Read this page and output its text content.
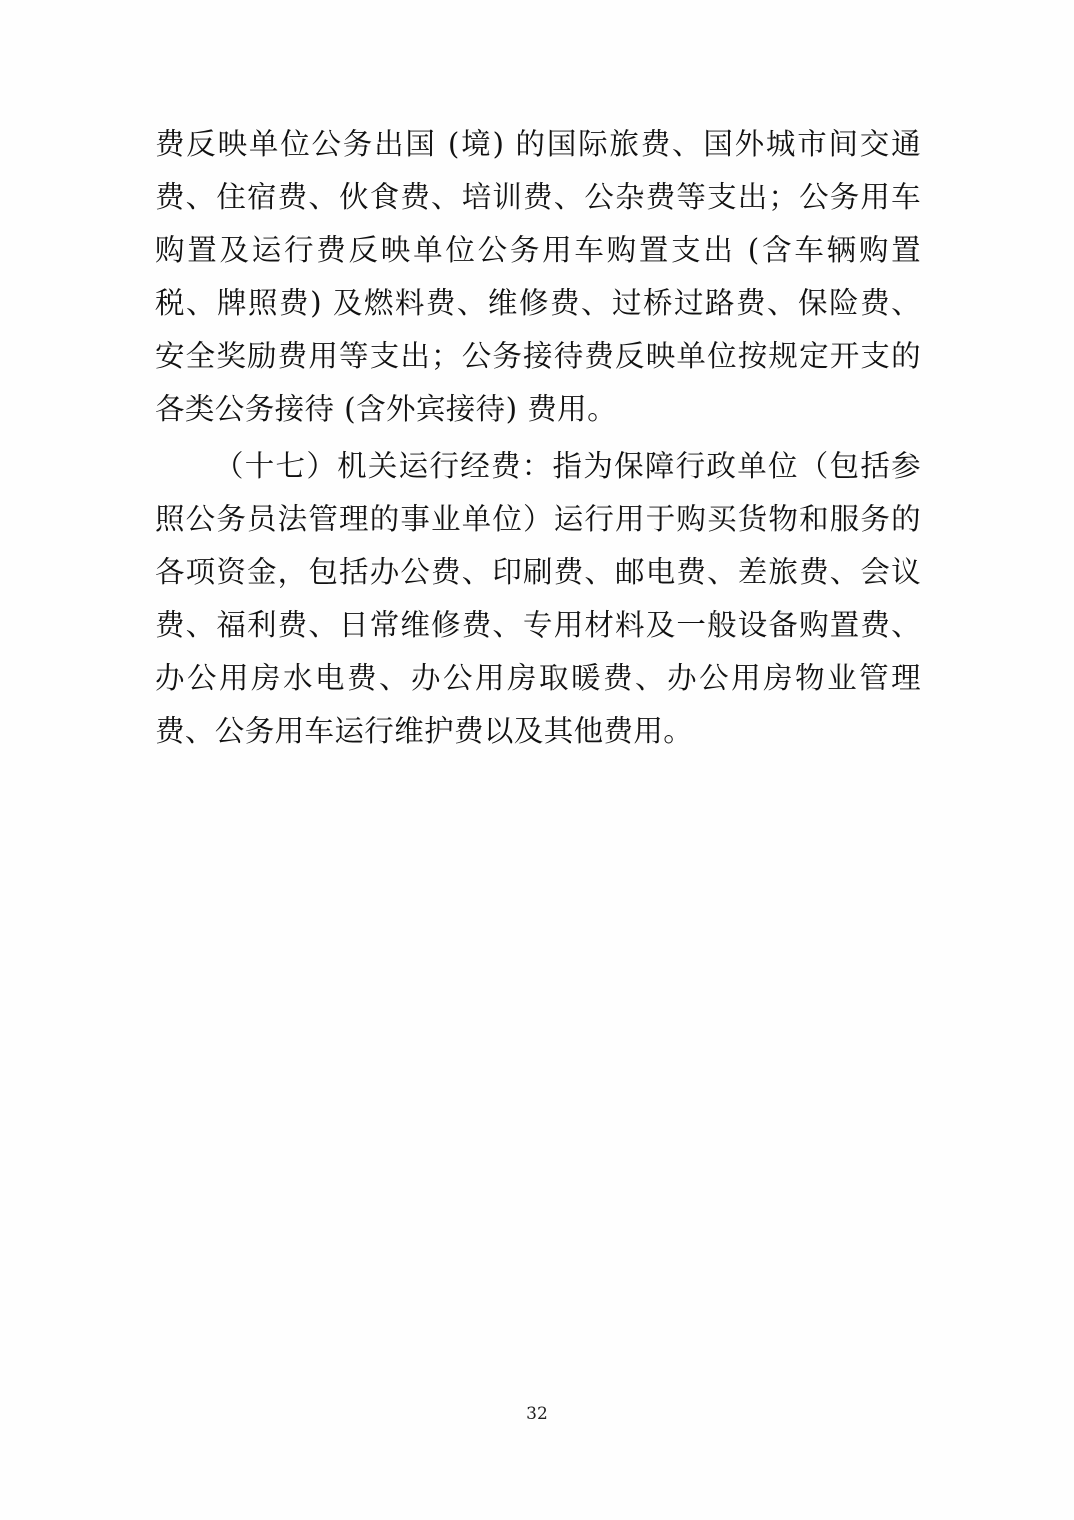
费反映单位公务出国 (境) 的国际旅费、国外城市间交通费、住宿费、伙食费、培训费、公杂费等支出；公务用车购置及运行费反映单位公务用车购置支出 (含车辆购置税、牌照费) 及燃料费、维修费、过桥过路费、保险费、安全奖励费用等支出；公务接待费反映单位按规定开支的各类公务接待 (含外宾接待) 费用。

（十七）机关运行经费：指为保障行政单位（包括参照公务员法管理的事业单位）运行用于购买货物和服务的各项资金，包括办公费、印刷费、邮电费、差旅费、会议费、福利费、日常维修费、专用材料及一般设备购置费、办公用房水电费、办公用房取暖费、办公用房物业管理费、公务用车运行维护费以及其他费用。

32
